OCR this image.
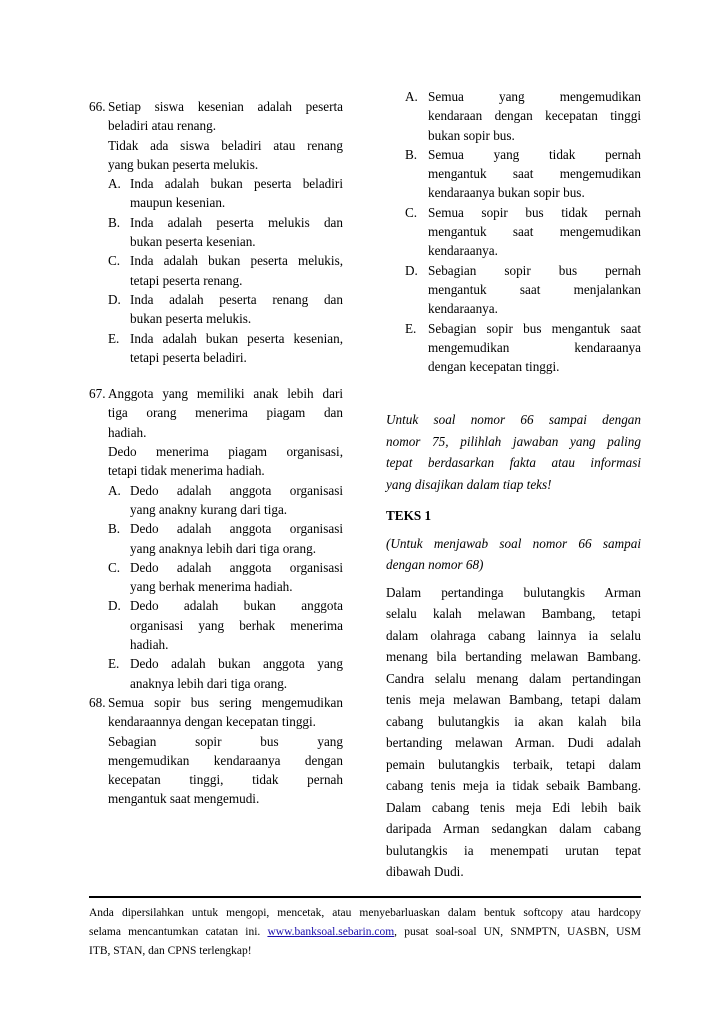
66. Setiap siswa kesenian adalah peserta
beladiri atau renang.
Tidak ada siswa beladiri atau renang
yang bukan peserta melukis.
A. Inda adalah bukan peserta beladiri
maupun kesenian.
B. Inda adalah peserta melukis dan
bukan peserta kesenian.
C. Inda adalah bukan peserta melukis,
tetapi peserta renang.
D. Inda adalah peserta renang dan
bukan peserta melukis.
E. Inda adalah bukan peserta kesenian,
tetapi peserta beladiri.
67. Anggota yang memiliki anak lebih dari
tiga orang menerima piagam dan
hadiah.
Dedo menerima piagam organisasi,
tetapi tidak menerima hadiah.
A. Dedo adalah anggota organisasi
yang anakny kurang dari tiga.
B. Dedo adalah anggota organisasi
yang anaknya lebih dari tiga orang.
C. Dedo adalah anggota organisasi
yang berhak menerima hadiah.
D. Dedo adalah bukan anggota
organisasi yang berhak menerima
hadiah.
E. Dedo adalah bukan anggota yang
anaknya lebih dari tiga orang.
68. Semua sopir bus sering mengemudikan
kendaraannya dengan kecepatan tinggi.
Sebagian sopir bus yang
mengemudikan kendaraanya dengan
kecepatan tinggi, tidak pernah
mengantuk saat mengemudi.
A. Semua yang mengemudikan
kendaraan dengan kecepatan tinggi
bukan sopir bus.
B. Semua yang tidak pernah
mengantuk saat mengemudikan
kendaraanya bukan sopir bus.
C. Semua sopir bus tidak pernah
mengantuk saat mengemudikan
kendaraanya.
D. Sebagian sopir bus pernah
mengantuk saat menjalankan
kendaraanya.
E. Sebagian sopir bus mengantuk saat
mengemudikan kendaraanya
dengan kecepatan tinggi.
Untuk soal nomor 66 sampai dengan
nomor 75, pilihlah jawaban yang paling
tepat berdasarkan fakta atau informasi
yang disajikan dalam tiap teks!
TEKS 1
(Untuk menjawab soal nomor 66 sampai
dengan nomor 68)
Dalam pertandinga bulutangkis Arman
selalu kalah melawan Bambang, tetapi
dalam olahraga cabang lainnya ia selalu
menang bila bertanding melawan Bambang.
Candra selalu menang dalam pertandingan
tenis meja melawan Bambang, tetapi dalam
cabang bulutangkis ia akan kalah bila
bertanding melawan Arman. Dudi adalah
pemain bulutangkis terbaik, tetapi dalam
cabang tenis meja ia tidak sebaik Bambang.
Dalam cabang tenis meja Edi lebih baik
daripada Arman sedangkan dalam cabang
bulutangkis ia menempati urutan tepat
dibawah Dudi.
Anda dipersilahkan untuk mengopi, mencetak, atau menyebarluaskan dalam bentuk softcopy atau hardcopy
selama mencantumkan catatan ini. www.banksoal.sebarin.com, pusat soal-soal UN, SNMPTN, UASBN, USM
ITB, STAN, dan CPNS terlengkap!
